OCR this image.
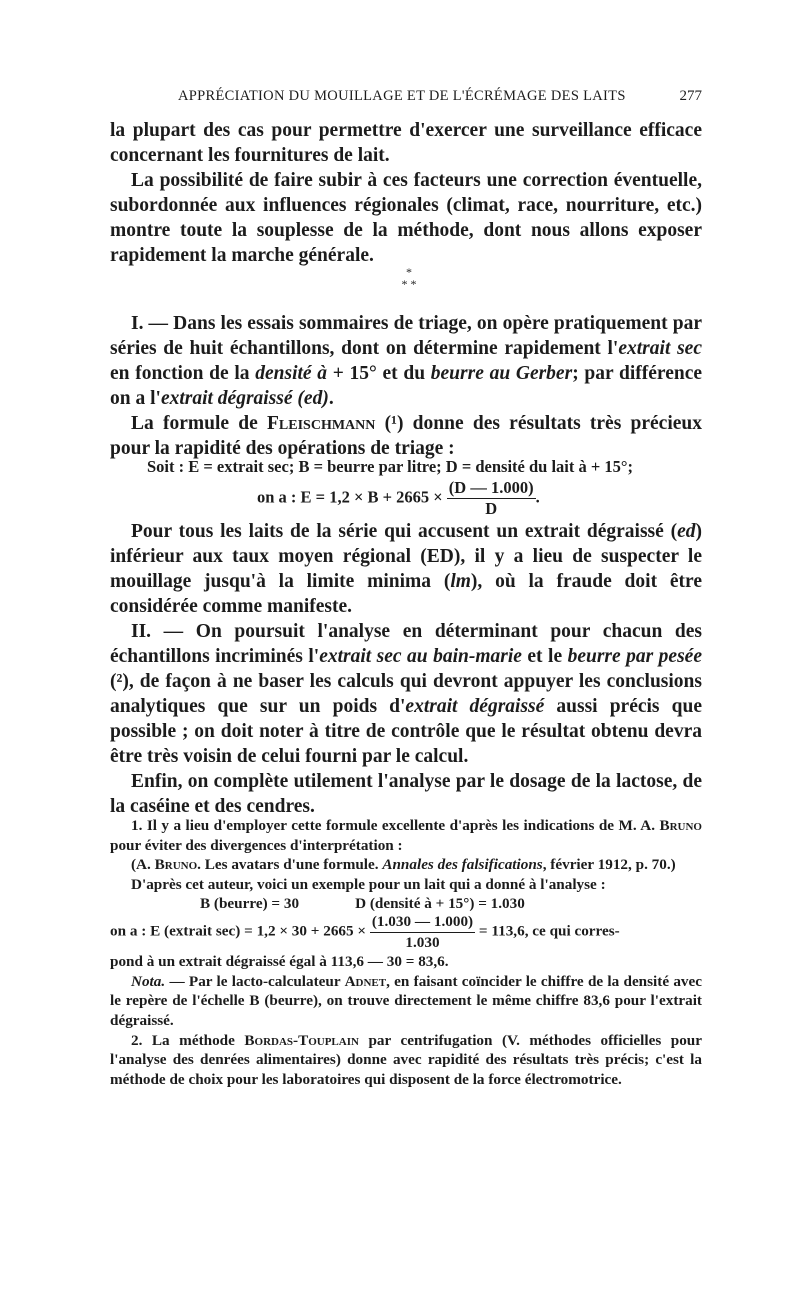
APPRÉCIATION DU MOUILLAGE ET DE L'ÉCRÉMAGE DES LAITS	277

la plupart des cas pour permettre d'exercer une surveillance efficace concernant les fournitures de lait.

La possibilité de faire subir à ces facteurs une correction éventuelle, subordonnée aux influences régionales (climat, race, nourriture, etc.) montre toute la souplesse de la méthode, dont nous allons exposer rapidement la marche générale.

*
* *

I. — Dans les essais sommaires de triage, on opère pratiquement par séries de huit échantillons, dont on détermine rapidement l'extrait sec en fonction de la densité à + 15° et du beurre au Gerber; par différence on a l'extrait dégraissé (ed).

La formule de Fleischmann (¹) donne des résultats très précieux pour la rapidité des opérations de triage :

Soit : E = extrait sec; B = beurre par litre; D = densité du lait à + 15°;
on a : $E = 1,2 \times B + 2665 \times \frac{(D — 1.000)}{D}$ .

Pour tous les laits de la série qui accusent un extrait dégraissé (ed) inférieur aux taux moyen régional (ED), il y a lieu de suspecter le mouillage jusqu'à la limite minima (lm), où la fraude doit être considérée comme manifeste.

II. — On poursuit l'analyse en déterminant pour chacun des échantillons incriminés l'extrait sec au bain-marie et le beurre par pesée (²), de façon à ne baser les calculs qui devront appuyer les conclusions analytiques que sur un poids d'extrait dégraissé aussi précis que possible ; on doit noter à titre de contrôle que le résultat obtenu devra être très voisin de celui fourni par le calcul.

Enfin, on complète utilement l'analyse par le dosage de la lactose, de la caséine et des cendres.

1. Il y a lieu d'employer cette formule excellente d'après les indications de M. A. Bruno pour éviter des divergences d'interprétation :

(A. Bruno. Les avatars d'une formule. Annales des falsifications, février 1912, p. 70.)

D'après cet auteur, voici un exemple pour un lait qui a donné à l'analyse :

B (beurre) = 30	D (densité à + 15°) = 1.030

on a : E (extrait $\sec) = 1,2 \times 30 + 2665 \times \frac{(1.030 — 1.000)}{1.030} = 113,6$, ce qui corres-

pond à un extrait dégraissé égal à 113,6 — 30 = 83,6.

Nota. — Par le lacto-calculateur Adnet, en faisant coïncider le chiffre de la densité avec le repère de l'échelle B (beurre), on trouve directement le même chiffre 83,6 pour l'extrait dégraissé.

2. La méthode Bordas-Touplain par centrifugation (V. méthodes officielles pour l'analyse des denrées alimentaires) donne avec rapidité des résultats très précis; c'est la méthode de choix pour les laboratoires qui disposent de la force électromotrice.
